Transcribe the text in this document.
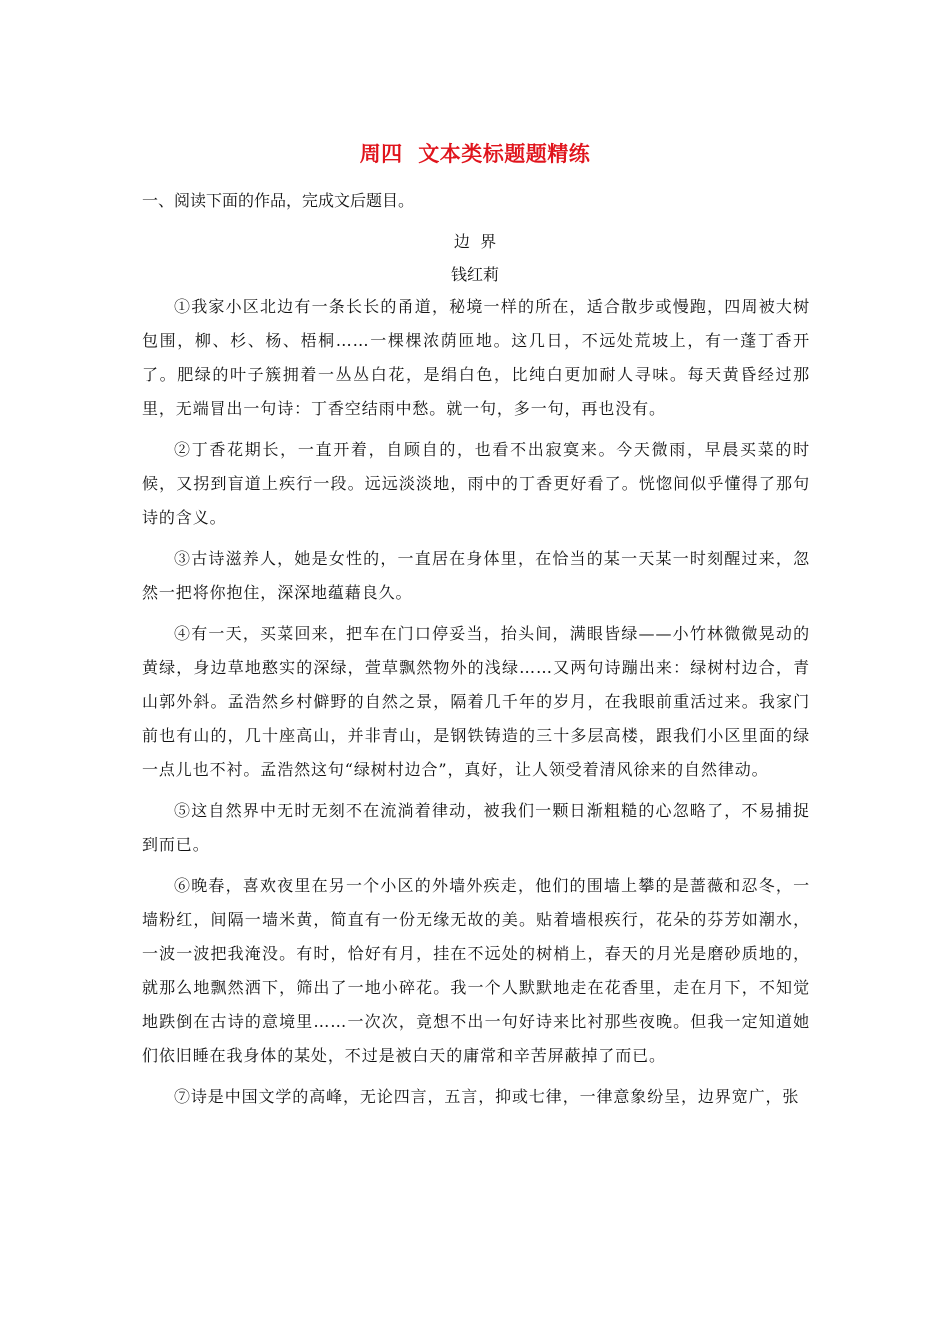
周四  文本类标题题精练
一、阅读下面的作品，完成文后题目。
边  界
钱红莉

①我家小区北边有一条长长的甬道，秘境一样的所在，适合散步或慢跑，四周被大树包围，柳、杉、杨、梧桐……一棵棵浓荫匝地。这几日，不远处荒坡上，有一蓬丁香开了。肥绿的叶子簇拥着一丛丛白花，是绢白色，比纯白更加耐人寻味。每天黄昏经过那里，无端冒出一句诗：丁香空结雨中愁。就一句，多一句，再也没有。

②丁香花期长，一直开着，自顾自的，也看不出寂寞来。今天微雨，早晨买菜的时候，又拐到盲道上疾行一段。远远淡淡地，雨中的丁香更好看了。恍惚间似乎懂得了那句诗的含义。

③古诗滋养人，她是女性的，一直居在身体里，在恰当的某一天某一时刻醒过来，忽然一把将你抱住，深深地蕴藉良久。

④有一天，买菜回来，把车在门口停妥当，抬头间，满眼皆绿——小竹林微微晃动的黄绿，身边草地憨实的深绿，萱草飘然物外的浅绿……又两句诗蹦出来：绿树村边合，青山郭外斜。孟浩然乡村僻野的自然之景，隔着几千年的岁月，在我眼前重活过来。我家门前也有山的，几十座高山，并非青山，是钢铁铸造的三十多层高楼，跟我们小区里面的绿一点儿也不衬。孟浩然这句“绿树村边合”，真好，让人领受着清风徐来的自然律动。

⑤这自然界中无时无刻不在流淌着律动，被我们一颗日渐粗糙的心忽略了，不易捕捉到而已。

⑥晚春，喜欢夜里在另一个小区的外墙外疾走，他们的围墙上攀的是蔷薇和忍冬，一墙粉红，间隔一墙米黄，简直有一份无缘无故的美。贴着墙根疾行，花朵的芬芳如潮水，一波一波把我淹没。有时，恰好有月，挂在不远处的树梢上，春天的月光是磨砂质地的，就那么地飘然洒下，筛出了一地小碎花。我一个人默默地走在花香里，走在月下，不知觉地跌倒在古诗的意境里……一次次，竟想不出一句好诗来比衬那些夜晚。但我一定知道她们依旧睡在我身体的某处，不过是被白天的庸常和辛苦屏蔽掉了而已。

⑦诗是中国文学的高峰，无论四言，五言，抑或七律，一律意象纷呈，边界宽广，张
